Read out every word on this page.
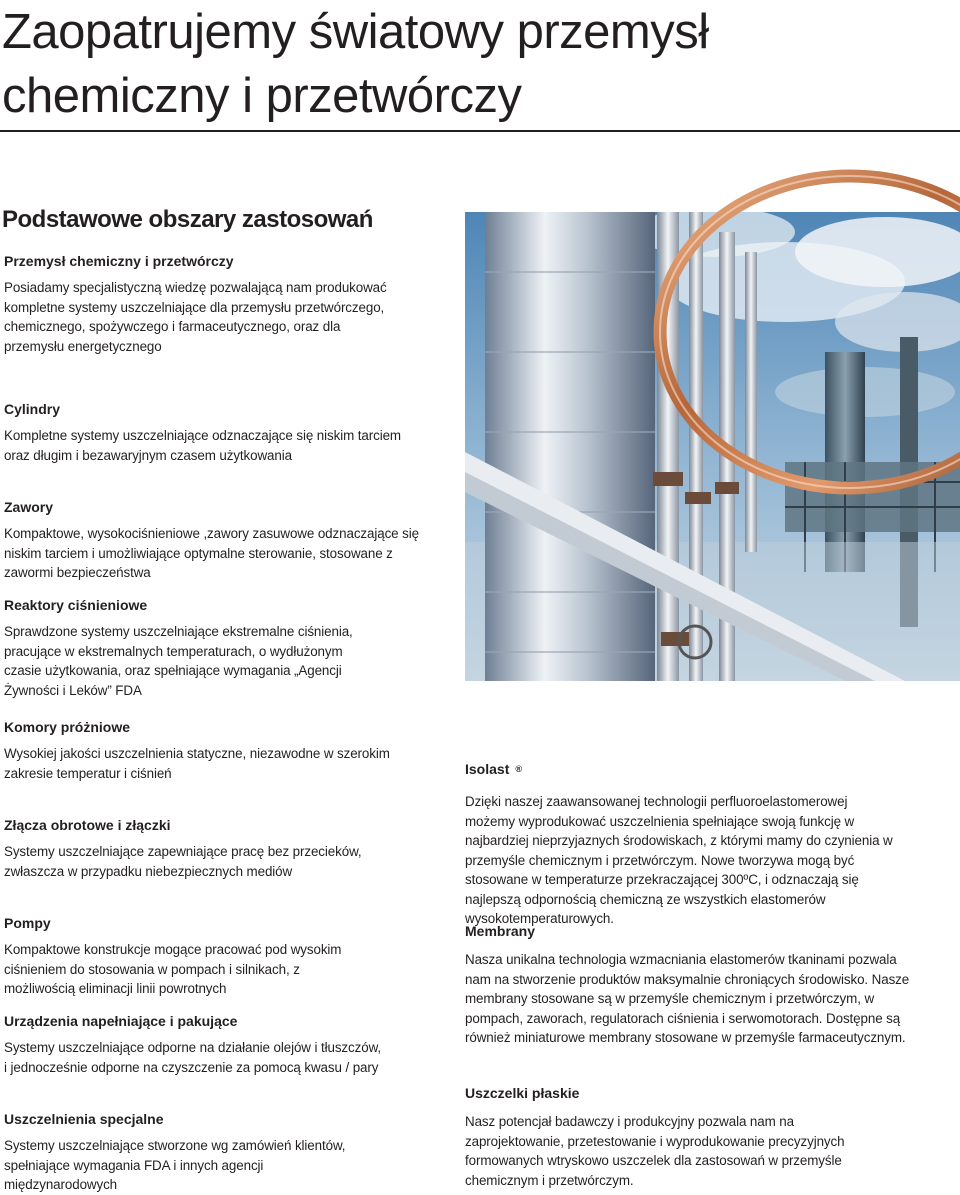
Zaopatrujemy światowy przemysł
chemiczny i przetwórczy
Podstawowe obszary zastosowań
Przemysł chemiczny i przetwórczy

Posiadamy specjalistyczną wiedzę pozwalającą nam produkować kompletne systemy uszczelniające dla przemysłu przetwórczego, chemicznego, spożywczego i farmaceutycznego, oraz dla przemysłu energetycznego

Cylindry

Kompletne systemy uszczelniające odznaczające się niskim tarciem oraz długim i bezawaryjnym czasem użytkowania

Zawory

Kompaktowe, wysokociśnieniowe ,zawory zasuwowe odznaczające się niskim tarciem i umożliwiające optymalne sterowanie, stosowane z zawormi bezpieczeństwa

Reaktory ciśnieniowe

Sprawdzone systemy uszczelniające ekstremalne ciśnienia, pracujące w ekstremalnych temperaturach, o wydłużonym czasie użytkowania, oraz spełniające wymagania „Agencji Żywności i Leków” FDA

Komory próżniowe

Wysokiej jakości uszczelnienia statyczne, niezawodne w szerokim zakresie temperatur i ciśnień

Złącza obrotowe i złączki

Systemy uszczelniające zapewniające pracę bez przecieków, zwłaszcza w przypadku niebezpiecznych mediów

Pompy

Kompaktowe konstrukcje mogące pracować pod wysokim ciśnieniem do stosowania w pompach i silnikach, z możliwością eliminacji linii powrotnych

Urządzenia napełniające i pakujące

Systemy uszczelniające odporne na działanie olejów i tłuszczów, i jednocześnie odporne na czyszczenie za pomocą kwasu / pary

Uszczelnienia specjalne

Systemy uszczelniające stworzone wg zamówień klientów, spełniające wymagania FDA i innych agencji międzynarodowych

Isolast ®

Dzięki naszej zaawansowanej technologii perfluoroelastomerowej możemy wyprodukować uszczelnienia spełniające swoją funkcję w najbardziej nieprzyjaznych środowiskach, z którymi mamy do czynienia w przemyśle chemicznym i przetwórczym. Nowe tworzywa mogą być stosowane w temperaturze przekraczającej 300ºC, i odznaczają się najlepszą odpornością chemiczną ze wszystkich elastomerów wysokotemperaturowych.

Membrany

Nasza unikalna technologia wzmacniania elastomerów tkaninami pozwala nam na stworzenie produktów maksymalnie chroniących środowisko. Nasze membrany stosowane są w przemyśle chemicznym i przetwórczym, w pompach, zaworach, regulatorach ciśnienia i serwomotorach. Dostępne są również miniaturowe membrany stosowane w przemyśle farmaceutycznym.

Uszczelki płaskie

Nasz potencjał badawczy i produkcyjny pozwala nam na zaprojektowanie, przetestowanie i wyprodukowanie precyzyjnych formowanych wtryskowo uszczelek dla zastosowań w przemyśle chemicznym i przetwórczym.
